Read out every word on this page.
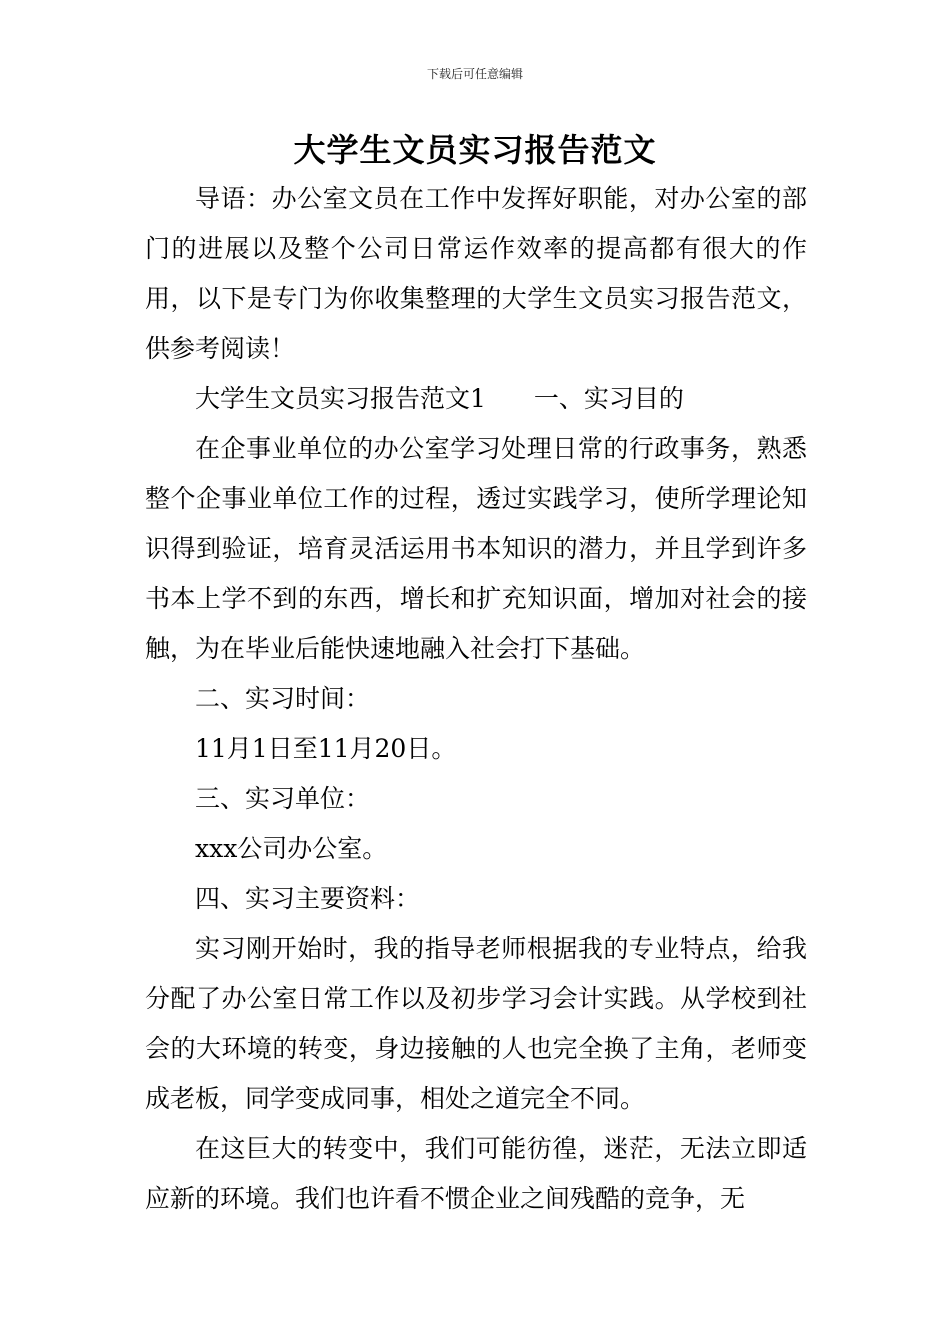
下载后可任意编辑
大学生文员实习报告范文

导语：办公室文员在工作中发挥好职能，对办公室的部门的进展以及整个公司日常运作效率的提高都有很大的作用，以下是专门为你收集整理的大学生文员实习报告范文，供参考阅读！

大学生文员实习报告范文1 一、实习目的

在企事业单位的办公室学习处理日常的行政事务，熟悉整个企事业单位工作的过程，透过实践学习，使所学理论知识得到验证，培育灵活运用书本知识的潜力，并且学到许多书本上学不到的东西，增长和扩充知识面，增加对社会的接触，为在毕业后能快速地融入社会打下基础。

二、实习时间：

11月1日至11月20日。

三、实习单位：

xxx公司办公室。

四、实习主要资料：

实习刚开始时，我的指导老师根据我的专业特点，给我分配了办公室日常工作以及初步学习会计实践。从学校到社会的大环境的转变，身边接触的人也完全换了主角，老师变成老板，同学变成同事，相处之道完全不同。

在这巨大的转变中，我们可能彷徨，迷茫，无法立即适应新的环境。我们也许看不惯企业之间残酷的竞争，无
